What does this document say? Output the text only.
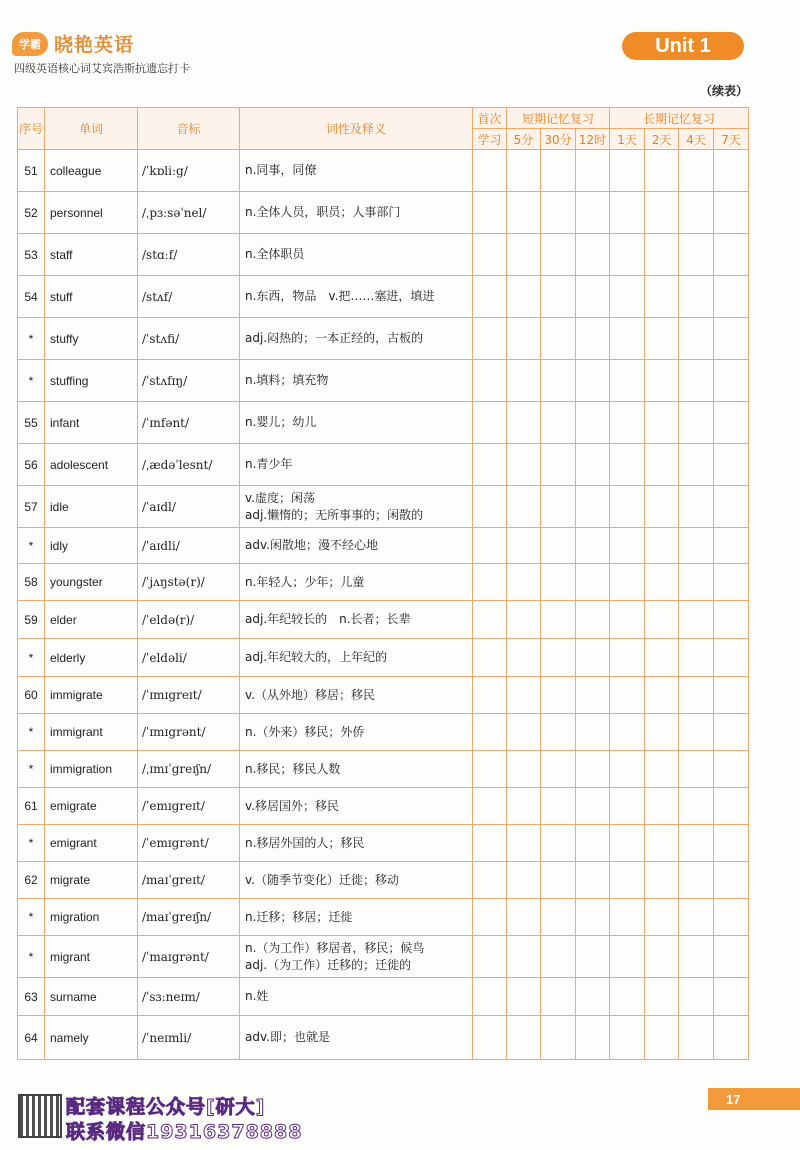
学霸 晓艳英语
四级英语核心词艾宾浩斯抗遗忘打卡
Unit 1
（续表）
序号	单词	音标	词性及释义	首次	短期记忆复习			长期记忆复习			
				学习	5分	30分	12时	1天	2天	4天	7天
51	colleague	/ˈkɒliːg/	n.同事，同僚								

52	personnel	/ˌpɜːsəˈnel/	n.全体人员，职员；人事部门								

53	staff	/stɑːf/	n.全体职员								

54	stuff	/stʌf/	n.东西，物品　v.把……塞进，填进								

*	stuffy	/ˈstʌfi/	adj.闷热的；一本正经的，古板的								

*	stuffing	/ˈstʌfɪŋ/	n.填料；填充物								

55	infant	/ˈɪnfənt/	n.婴儿；幼儿								

56	adolescent	/ˌædəˈlesnt/	n.青少年								

57	idle	/ˈaɪdl/	v.虚度；闲荡
adj.懒惰的；无所事事的；闲散的								

*	idly	/ˈaɪdli/	adv.闲散地；漫不经心地								

58	youngster	/ˈjʌŋstə(r)/	n.年轻人；少年；儿童								

59	elder	/ˈeldə(r)/	adj.年纪较长的　n.长者；长辈								

*	elderly	/ˈeldəli/	adj.年纪较大的，上年纪的								

60	immigrate	/ˈɪmɪgreɪt/	v.（从外地）移居；移民								

*	immigrant	/ˈɪmɪgrənt/	n.（外来）移民；外侨								

*	immigration	/ˌɪmɪˈgreɪʃn/	n.移民；移民人数								

61	emigrate	/ˈemɪgreɪt/	v.移居国外；移民								

*	emigrant	/ˈemɪgrənt/	n.移居外国的人；移民								

62	migrate	/maɪˈgreɪt/	v.（随季节变化）迁徙；移动								

*	migration	/maɪˈgreɪʃn/	n.迁移；移居；迁徙								

*	migrant	/ˈmaɪgrənt/	n.（为工作）移居者，移民；候鸟
adj.（为工作）迁移的；迁徙的								

63	surname	/ˈsɜːneɪm/	n.姓								

64	namely	/ˈneɪmli/	adv.即；也就是								

配套课程公众号[研大]
联系微信19316378888
17
